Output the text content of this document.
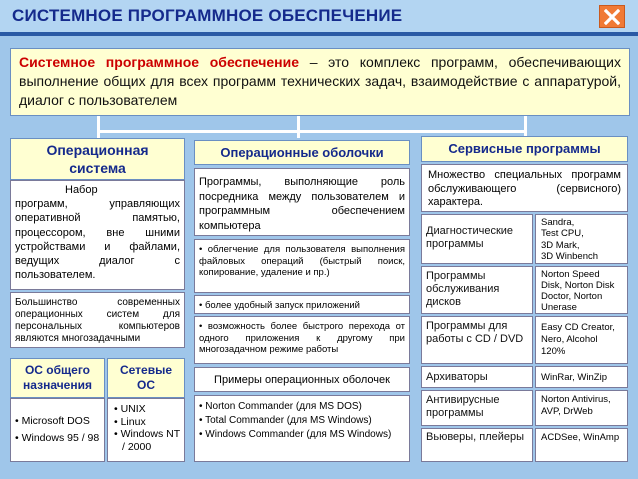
СИСТЕМНОЕ ПРОГРАММНОЕ ОБЕСПЕЧЕНИЕ
Системное программное обеспечение – это комплекс программ, обеспечивающих выполнение общих для всех программ технических задач, взаимодействие с аппаратурой, диалог с пользователем
Операционная система
Набор
программ, управляющих оперативной памятью, процессором, вне шними устройствами и файлами, ведущих диалог с пользователем.
Большинство современных операционных систем для персональных компьютеров являются многозадачными
ОС общего назначения
Сетевые ОС
• Microsoft DOS
• Windows 95 / 98
• UNIX
• Linux
• Windows NT / 2000
Операционные оболочки
Программы, выполняющие роль посредника между пользователем и программным обеспечением компьютера
• облегчение для пользователя выполнения файловых операций (быстрый поиск, копирование, удаление и пр.)
• более удобный запуск приложений
• возможность более быстрого перехода от одного приложения к другому при многозадачном режиме работы
Примеры операционных оболочек
• Norton Commander (для MS DOS)
• Total Commander (для MS Windows)
• Windows Commander (для MS Windows)
Сервисные программы
Множество специальных программ обслуживающего (сервисного) характера.
Диагностические программы
Sandra,
Test CPU,
3D Mark,
3D Winbench
Программы обслуживания дисков
Norton Speed Disk, Norton Disk Doctor, Norton Unerase
Программы для работы с CD / DVD
Easy CD Creator, Nero, Alcohol 120%
Архиваторы	WinRar, WinZip
Антивирусные программы
Norton Antivirus, AVP, DrWeb
Вьюверы, плейеры	ACDSee, WinAmp
